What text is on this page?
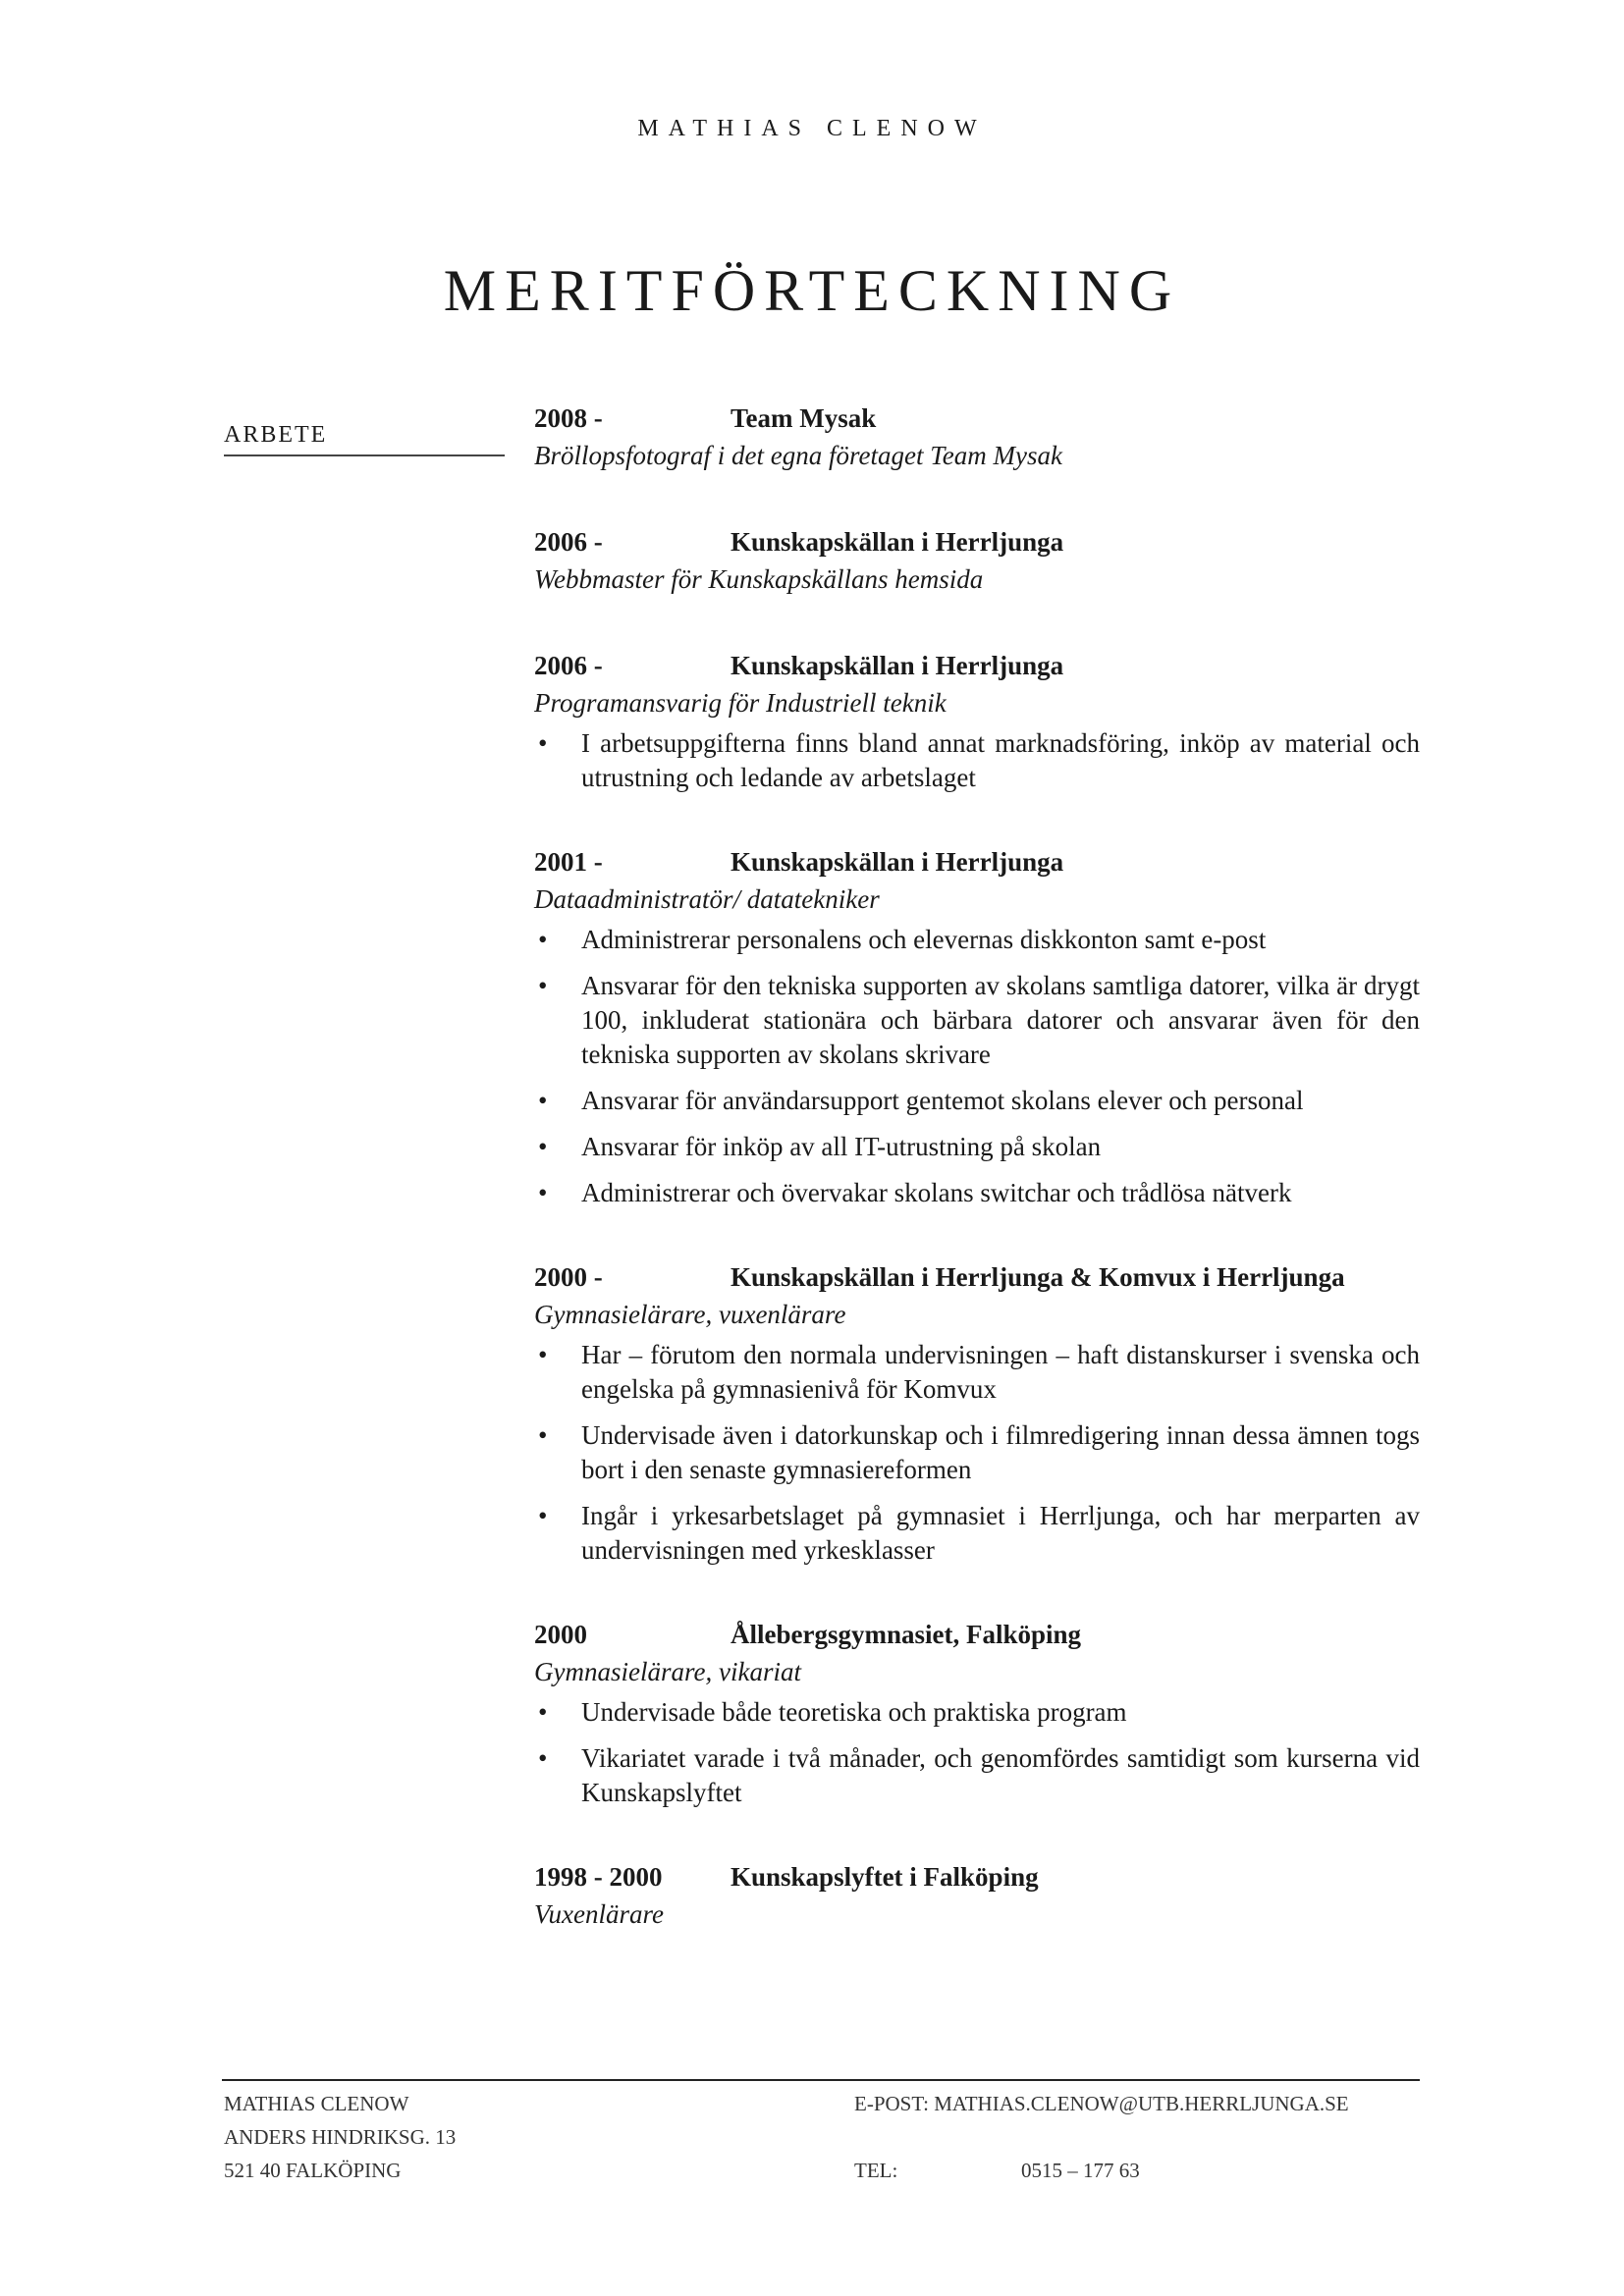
MATHIAS CLENOW
MERITFÖRTECKNING
ARBETE
2008 -	Team Mysak
Bröllopsfotograf i det egna företaget Team Mysak
2006 -	Kunskapskällan i Herrljunga
Webbmaster för Kunskapskällans hemsida
2006 -	Kunskapskällan i Herrljunga
Programansvarig för Industriell teknik
• I arbetsuppgifterna finns bland annat marknadsföring, inköp av material och utrustning och ledande av arbetslaget
2001 -	Kunskapskällan i Herrljunga
Dataadministratör/ datatekniker
• Administrerar personalens och elevernas diskkonton samt e-post
• Ansvarar för den tekniska supporten av skolans samtliga datorer, vilka är drygt 100, inkluderat stationära och bärbara datorer och ansvarar även för den tekniska supporten av skolans skrivare
• Ansvarar för användarsupport gentemot skolans elever och personal
• Ansvarar för inköp av all IT-utrustning på skolan
• Administrerar och övervakar skolans switchar och trådlösa nätverk
2000 -	Kunskapskällan i Herrljunga & Komvux i Herrljunga
Gymnasielärare, vuxenlärare
• Har – förutom den normala undervisningen – haft distanskurser i svenska och engelska på gymnasienivå för Komvux
• Undervisade även i datorkunskap och i filmredigering innan dessa ämnen togs bort i den senaste gymnasiereformen
• Ingår i yrkesarbetslaget på gymnasiet i Herrljunga, och har merparten av undervisningen med yrkesklasser
2000	Ållebergsgymnasiet, Falköping
Gymnasielärare, vikariat
• Undervisade både teoretiska och praktiska program
• Vikariatet varade i två månader, och genomfördes samtidigt som kurserna vid Kunskapslyftet
1998 - 2000	Kunskapslyftet i Falköping
Vuxenlärare
MATHIAS CLENOW
ANDERS HINDRIKSG. 13
521 40 FALKÖPING
E-POST: MATHIAS.CLENOW@UTB.HERRLJUNGA.SE
TEL:	0515 – 177 63
